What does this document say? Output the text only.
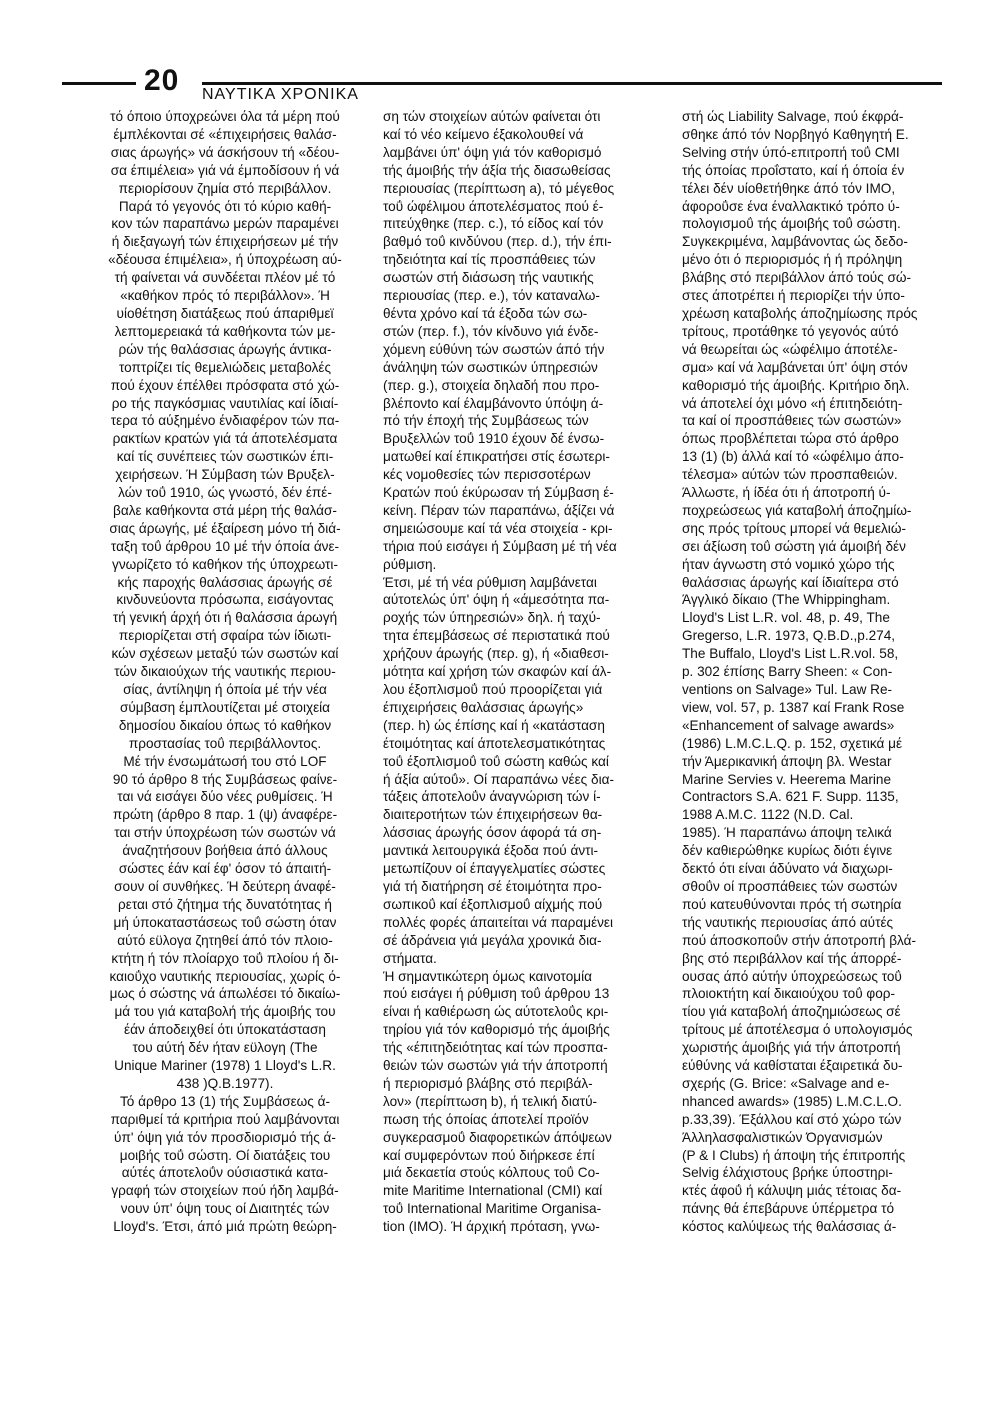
20 ΝΑΥΤΙΚΑ ΧΡΟΝΙΚΑ

τό όποιο ύποχρεώνει όλα τά μέρη πού
έμπλέκονται σέ «έπιχειρήσεις θαλάσ-
σιας άρωγής» νά άσκήσουν τή «δέου-
σα έπιμέλεια» γιά νά έμποδίσουν ή νά
περιορίσουν ζημία στό περιβάλλον.
Παρά τό γεγονός ότι τό κύριο καθή-
κον τών παραπάνω μερών παραμένει
ή διεξαγωγή τών έπιχειρήσεων μέ τήν
«δέουσα έπιμέλεια», ή ύποχρέωση αύ-
τή φαίνεται νά συνδέεται πλέον μέ τό
«καθήκον πρός τό περιβάλλον». Ή
υίοθέτηση διατάξεως πού άπαριθμεϊ
λεπτομερειακά τά καθήκοντα τών με-
ρών τής θαλάσσιας άρωγής άντικα-
τοπτρίζει τίς θεμελιώδεις μεταβολές
πού έχουν έπέλθει πρόσφατα στό χώ-
ρο τής παγκόσμιας ναυτιλίας καί ίδιαί-
τερα τό αύξημένο ένδιαφέρον τών πα-
ρακτίων κρατών γιά τά άποτελέσματα
καί τίς συνέπειες τών σωστικών έπι-
χειρήσεων. Ή Σύμβαση τών Βρυξελ-
λών τοΰ 1910, ώς γνωστό, δέν έπέ-
βαλε καθήκοντα στά μέρη τής θαλάσ-
σιας άρωγής, μέ έξαίρεση μόνο τή διά-
ταξη τοΰ άρθρου 10 μέ τήν όποία άνε-
γνωρίζετο τό καθήκον τής ύποχρεωτι-
κής παροχής θαλάσσιας άρωγής σέ
κινδυνεύοντα πρόσωπα, εισάγοντας
τή γενική άρχή ότι ή θαλάσσια άρωγή
περιορίζεται στή σφαίρα τών ίδιωτι-
κών σχέσεων μεταξύ τών σωστών καί
τών δικαιούχων τής ναυτικής περιου-
σίας, άντίληψη ή όποία μέ τήν νέα
σύμβαση έμπλουτίζεται μέ στοιχεία
δημοσίου δικαίου όπως τό καθήκον
προστασίας τοΰ περιβάλλοντος.

Μέ τήν ένσωμάτωσή του στό LOF
90 τό άρθρο 8 τής Συμβάσεως φαίνε-
ται νά εισάγει δύο νέες ρυθμίσεις. Ή
πρώτη (άρθρο 8 παρ. 1 (ψ) άναφέρε-
ται στήν ύποχρέωση τών σωστών νά
άναζητήσουν βοήθεια άπό άλλους
σώστες έάν καί έφ' όσον τό άπαιτή-
σουν οί συνθήκες. Ή δεύτερη άναφέ-
ρεται στό ζήτημα τής δυνατότητας ή
μή ύποκαταστάσεως τοΰ σώστη όταν
αύτό εϋλογα ζητηθεί άπό τόν πλοιο-
κτήτη ή τόν πλοίαρχο τοΰ πλοίου ή δι-
καιοΰχο ναυτικής περιουσίας, χωρίς ό-
μως ό σώστης νά άπωλέσει τό δικαίω-
μά του γιά καταβολή τής άμοιβής του
έάν άποδειχθεί ότι ύποκατάσταση
του αύτή δέν ήταν εϋλογη (The
Unique Mariner (1978) 1 Lloyd's L.R.
438 )Q.B.1977).

Τό άρθρο 13 (1) τής Συμβάσεως ά-
παριθμεί τά κριτήρια πού λαμβάνονται
ύπ' όψη γιά τόν προσδιορισμό τής ά-
μοιβής τοΰ σώστη. Οί διατάξεις του
αύτές άποτελοΰν ούσιαστικά κατα-
γραφή τών στοιχείων πού ήδη λαμβά-
νουν ύπ' όψη τους οί Διαιτητές τών
Lloyd's. Έτσι, άπό μιά πρώτη θεώρη-

ση τών στοιχείων αύτών φαίνεται ότι
καί τό νέο κείμενο έξακολουθεί νά
λαμβάνει ύπ' όψη γιά τόν καθορισμό
τής άμοιβής τήν άξία τής διασωθείσας
περιουσίας (περίπτωση a), τό μέγεθος
τοΰ ώφέλιμου άποτελέσματος πού έ-
πιτεύχθηκε (περ. c.), τό είδος καί τόν
βαθμό τοΰ κινδύνου (περ. d.), τήν έπι-
τηδειότητα καί τίς προσπάθειες τών
σωστών στή διάσωση τής ναυτικής
περιουσίας (περ. e.), τόν καταναλω-
θέντα χρόνο καί τά έξοδα τών σω-
στών (περ. f.), τόν κίνδυνο γιά ένδε-
χόμενη εύθύνη τών σωστών άπό τήν
άνάληψη τών σωστικών ύπηρεσιών
(περ. g.), στοιχεία δηλαδή που προ-
βλέπονto καί έλαμβάνοντο ύπόψη ά-
πό τήν έποχή τής Συμβάσεως τών
Βρυξελλών τοΰ 1910 έχουν δέ ένσω-
ματωθεί καί έπικρατήσει στίς έσωτερι-
κές νομοθεσίες τών περισσοτέρων
Κρατών πού έκύρωσαν τή Σύμβαση έ-
κείνη. Πέραν τών παραπάνω, άξίζει νά
σημειώσουμε καί τά νέα στοιχεία - κρι-
τήρια πού εισάγει ή Σύμβαση μέ τή νέα
ρύθμιση.

Έτσι, μέ τή νέα ρύθμιση λαμβάνεται
αύτοτελώς ύπ' όψη ή «άμεσότητα πα-
ροχής τών ύπηρεσιών» δηλ. ή ταχύ-
τητα έπεμβάσεως σέ περιστατικά πού
χρήζουν άρωγής (περ. g), ή «διαθεσι-
μότητα καί χρήση τών σκαφών καί άλ-
λου έξοπλισμοΰ πού προορίζεται γιά
έπιχειρήσεις θαλάσσιας άρωγής»
(περ. h) ώς έπίσης καί ή «κατάσταση
έτοιμότητας καί άποτελεσματικότητας
τοΰ έξοπλισμοΰ τοΰ σώστη καθώς καί
ή άξία αύτοΰ». Οί παραπάνω νέες δια-
τάξεις άποτελοΰν άναγνώριση τών ί-
διαιτεροτήτων τών έπιχειρήσεων θα-
λάσσιας άρωγής όσον άφορά τά ση-
μαντικά λειτουργικά έξοδα πού άντι-
μετωπίζουν οί έπαγγελματίες σώστες
γιά τή διατήρηση σέ έτοιμότητα προ-
σωπικοΰ καί έξοπλισμοΰ αίχμής πού
πολλές φορές άπαιτείται νά παραμένει
σέ άδράνεια γιά μεγάλα χρονικά δια-
στήματα.

Ή σημαντικώτερη όμως καινοτομία
πού εισάγει ή ρύθμιση τοΰ άρθρου 13
είναι ή καθιέρωση ώς αύτοτελοΰς κρι-
τηρίου γιά τόν καθορισμό τής άμοιβής
τής «έπιτηδειότητας καί τών προσπα-
θειών τών σωστών γιά τήν άποτροπή
ή περιορισμό βλάβης στό περιβάλ-
λον» (περίπτωση b), ή τελική διατύ-
πωση τής όποίας άποτελεί προϊόν
συγκερασμοΰ διαφορετικών άπόψεων
καί συμφερόντων πού διήρκεσε έπί
μιά δεκαετία στούς κόλπους τοΰ Co-
mite Maritime International (CMI) καί
τοΰ International Maritime Organisa-
tion (IMO). Ή άρχική πρόταση, γνω-

στή ώς Liability Salvage, πού έκφρά-
σθηκε άπό τόν Νορβηγό Καθηγητή E.
Selving στήν ύπό-επιτροπή τοΰ CMI
τής όποίας προΐστατο, καί ή όποία έν
τέλει δέν υίοθετήθηκε άπό τόν IMO,
άφοροΰσε ένα έναλλακτικό τρόπο ύ-
πολογισμοΰ τής άμοιβής τοΰ σώστη.
Συγκεκριμένα, λαμβάνοντας ώς δεδο-
μένο ότι ό περιορισμός ή ή πρόληψη
βλάβης στό περιβάλλον άπό τούς σώ-
στες άποτρέπει ή περιορίζει τήν ύπο-
χρέωση καταβολής άποζημίωσης πρός
τρίτους, προτάθηκε τό γεγονός αύτό
νά θεωρείται ώς «ώφέλιμο άποτέλε-
σμα» καί νά λαμβάνεται ύπ' όψη στόν
καθορισμό τής άμοιβής. Κριτήριο δηλ.
νά άποτελεί όχι μόνο «ή έπιτηδειότη-
τα καί οί προσπάθειες τών σωστών»
όπως προβλέπεται τώρα στό άρθρο
13 (1) (b) άλλά καί τό «ώφέλιμο άπο-
τέλεσμα» αύτών τών προσπαθειών.
Άλλωστε, ή ίδέα ότι ή άποτροπή ύ-
ποχρεώσεως γιά καταβολή άποζημίω-
σης πρός τρίτους μπορεί νά θεμελιώ-
σει άξίωση τοΰ σώστη γιά άμοιβή δέν
ήταν άγνωστη στό νομικό χώρο τής
θαλάσσιας άρωγής καί ίδιαίτερα στό
Άγγλικό δίκαιο (The Whippingham.
Lloyd's List L.R. vol. 48, p. 49, The
Gregerso, L.R. 1973, Q.B.D.,p.274,
The Buffalo, Lloyd's List L.R.vol. 58,
p. 302 έπίσης Barry Sheen: « Con-
ventions on Salvage» Tul. Law Re-
view, vol. 57, p. 1387 καί Frank Rose
«Enhancement of salvage awards»
(1986) L.M.C.L.Q. p. 152, σχετικά μέ
τήν Άμερικανική άποψη βλ. Westar
Marine Servies v. Heerema Marine
Contractors S.A. 621 F. Supp. 1135,
1988 A.M.C. 1122 (N.D. Cal.
1985). Ή παραπάνω άποψη τελικά
δέν καθιερώθηκε κυρίως διότι έγινε
δεκτό ότι είναι άδύνατο νά διαχωρι-
σθοΰν οί προσπάθειες τών σωστών
πού κατευθύνονται πρός τή σωτηρία
τής ναυτικής περιουσίας άπό αύτές
πού άποσκοποΰν στήν άποτροπή βλά-
βης στό περιβάλλον καί τής άπορρέ-
ουσας άπό αύτήν ύποχρεώσεως τοΰ
πλοιοκτήτη καί δικαιούχου τοΰ φορ-
τίου γιά καταβολή άποζημιώσεως σέ
τρίτους μέ άποτέλεσμα ό υπολογισμός
χωριστής άμοιβής γιά τήν άποτροπή
εύθύνης νά καθίσταται έξαιρετικά δυ-
σχερής (G. Brice: «Salvage and e-
nhanced awards» (1985) L.M.C.L.O.
p.33,39). Έξάλλου καί στό χώρο τών
Άλληλασφαλιστικών Όργανισμών
(P & I Clubs) ή άποψη τής έπιτροπής
Selvig έλάχιστους βρήκε ύποστηρι-
κτές άφοΰ ή κάλυψη μιάς τέτοιας δα-
πάνης θά έπεβάρυνε ύπέρμετρα τό
κόστος καλύψεως τής θαλάσσιας ά-
